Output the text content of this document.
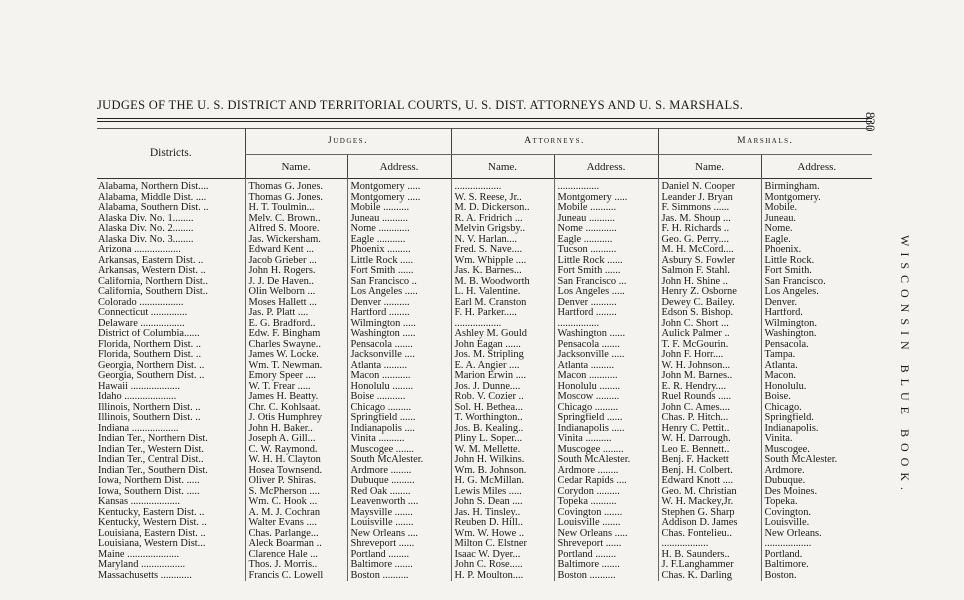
JUDGES OF THE U. S. DISTRICT AND TERRITORIAL COURTS, U. S. DIST. ATTORNEYS AND U. S. MARSHALS.
830
WISCONSIN BLUE BOOK.
Districts.	Judges.		Attorneys.		Marshals.	
	Name.	Address.	Name.	Address.	Name.	Address.
Alabama, Northern Dist....	Thomas G. Jones.	Montgomery .....	..................	................	Daniel N. Cooper	Birmingham.
Alabama, Middle Dist. ....	Thomas G. Jones.	Montgomery .....	W. S. Reese, Jr..	Montgomery .....	Leander J. Bryan	Montgomery.
Alabama, Southern Dist. ..	H. T. Toulmin...	Mobile ..........	M. D. Dickerson..	Mobile ..........	F. Simmons ......	Mobile.
Alaska Div. No. 1........	Melv. C. Brown..	Juneau ..........	R. A. Fridrich ...	Juneau ..........	Jas. M. Shoup ...	Juneau.
Alaska Div. No. 2........	Alfred S. Moore.	Nome ............	Melvin Grigsby..	Nome ............	F. H. Richards ..	Nome.
Alaska Div. No. 3........	Jas. Wickersham.	Eagle ...........	N. V. Harlan....	Eagle ...........	Geo. G. Perry....	Eagle.
Arizona ..................	Edward Kent ...	Phoenix .........	Fred. S. Nave....	Tucson ..........	M. H. McCord....	Phoenix.
Arkansas, Eastern Dist. ..	Jacob Grieber ...	Little Rock .....	Wm. Whipple ....	Little Rock ......	Asbury S. Fowler	Little Rock.
Arkansas, Western Dist. ..	John H. Rogers.	Fort Smith ......	Jas. K. Barnes...	Fort Smith ......	Salmon F. Stahl.	Fort Smith.
California, Northern Dist..	J. J. De Haven..	San Francisco ..	M. B. Woodworth	San Francisco ...	John H. Shine ..	San Francisco.
California, Southern Dist..	Olin Welborn ...	Los Angeles .....	L. H. Valentine.	Los Angeles .....	Henry Z. Osborne	Los Angeles.
Colorado .................	Moses Hallett ...	Denver ..........	Earl M. Cranston	Denver ..........	Dewey C. Bailey.	Denver.
Connecticut ..............	Jas. P. Platt ....	Hartford ........	F. H. Parker.....	Hartford ........	Edson S. Bishop.	Hartford.
Delaware .................	E. G. Bradford..	Wilmington .....	..................	................	John C. Short ...	Wilmington.
District of Columbia......	Edw. F. Bingham	Washington .....	Ashley M. Gould	Washington ......	Aulick Palmer ..	Washington.
Florida, Northern Dist. ..	Charles Swayne..	Pensacola .......	John Eagan ......	Pensacola .......	T. F. McGourin.	Pensacola.
Florida, Southern Dist. ..	James W. Locke.	Jacksonville ....	Jos. M. Stripling	Jacksonville .....	John F. Horr....	Tampa.
Georgia, Northern Dist. ..	Wm. T. Newman.	Atlanta .........	E. A. Angier ....	Atlanta .........	W. H. Johnson...	Atlanta.
Georgia, Southern Dist. ..	Emory Speer ....	Macon ...........	Marion Erwin ....	Macon ...........	John M. Barnes..	Macon.
Hawaii ...................	W. T. Frear .....	Honolulu ........	Jos. J. Dunne....	Honolulu ........	E. R. Hendry....	Honolulu.
Idaho ....................	James H. Beatty.	Boise ...........	Rob. V. Cozier ..	Moscow .........	Ruel Rounds .....	Boise.
Illinois, Northern Dist. ..	Chr. C. Kohlsaat.	Chicago .........	Sol. H. Bethea...	Chicago .........	John C. Ames....	Chicago.
Illinois, Southern Dist. ..	J. Otis Humphrey	Springfield ......	T. Worthington..	Springfield ......	Chas. P. Hitch...	Springfield.
Indiana ..................	John H. Baker..	Indianapolis ....	Jos. B. Kealing..	Indianapolis .....	Henry C. Pettit..	Indianapolis.
Indian Ter., Northern Dist.	Joseph A. Gill...	Vinita ..........	Pliny L. Soper...	Vinita ..........	W. H. Darrough.	Vinita.
Indian Ter., Western Dist.	C. W. Raymond.	Muscogee .......	W. M. Mellette.	Muscogee ........	Leo E. Bennett..	Muscogee.
Indian Ter., Central Dist..	W. H. H. Clayton	South McAlester.	John H. Wilkins.	South McAlester.	Benj. F. Hackett	South McAlester.
Indian Ter., Southern Dist.	Hosea Townsend.	Ardmore ........	Wm. B. Johnson.	Ardmore ........	Benj. H. Colbert.	Ardmore.
Iowa, Northern Dist. .....	Oliver P. Shiras.	Dubuque .........	H. G. McMillan.	Cedar Rapids ....	Edward Knott ....	Dubuque.
Iowa, Southern Dist. .....	S. McPherson ....	Red Oak ........	Lewis Miles .....	Corydon .........	Geo. M. Christian	Des Moines.
Kansas ...................	Wm. C. Hook ...	Leavenworth ....	John S. Dean ....	Topeka ..........	W. H. Mackey,Jr.	Topeka.
Kentucky, Eastern Dist. ..	A. M. J. Cochran	Maysville .......	Jas. H. Tinsley..	Covington .......	Stephen G. Sharp	Covington.
Kentucky, Western Dist. ..	Walter Evans ....	Louisville .......	Reuben D. Hill..	Louisville .......	Addison D. James	Louisville.
Louisiana, Eastern Dist. ..	Chas. Parlange...	New Orleans ....	Wm. W. Howe ..	New Orleans .....	Chas. Fontelieu..	New Orleans.
Louisiana, Western Dist...	Aleck Boarman ..	Shreveport ......	Milton C. Elstner	Shreveport ......	..................	..................
Maine ....................	Clarence Hale ...	Portland ........	Isaac W. Dyer...	Portland ........	H. B. Saunders..	Portland.
Maryland .................	Thos. J. Morris..	Baltimore .......	John C. Rose.....	Baltimore .......	J. F.Langhammer	Baltimore.
Massachusetts ............	Francis C. Lowell	Boston ..........	H. P. Moulton....	Boston ..........	Chas. K. Darling	Boston.
